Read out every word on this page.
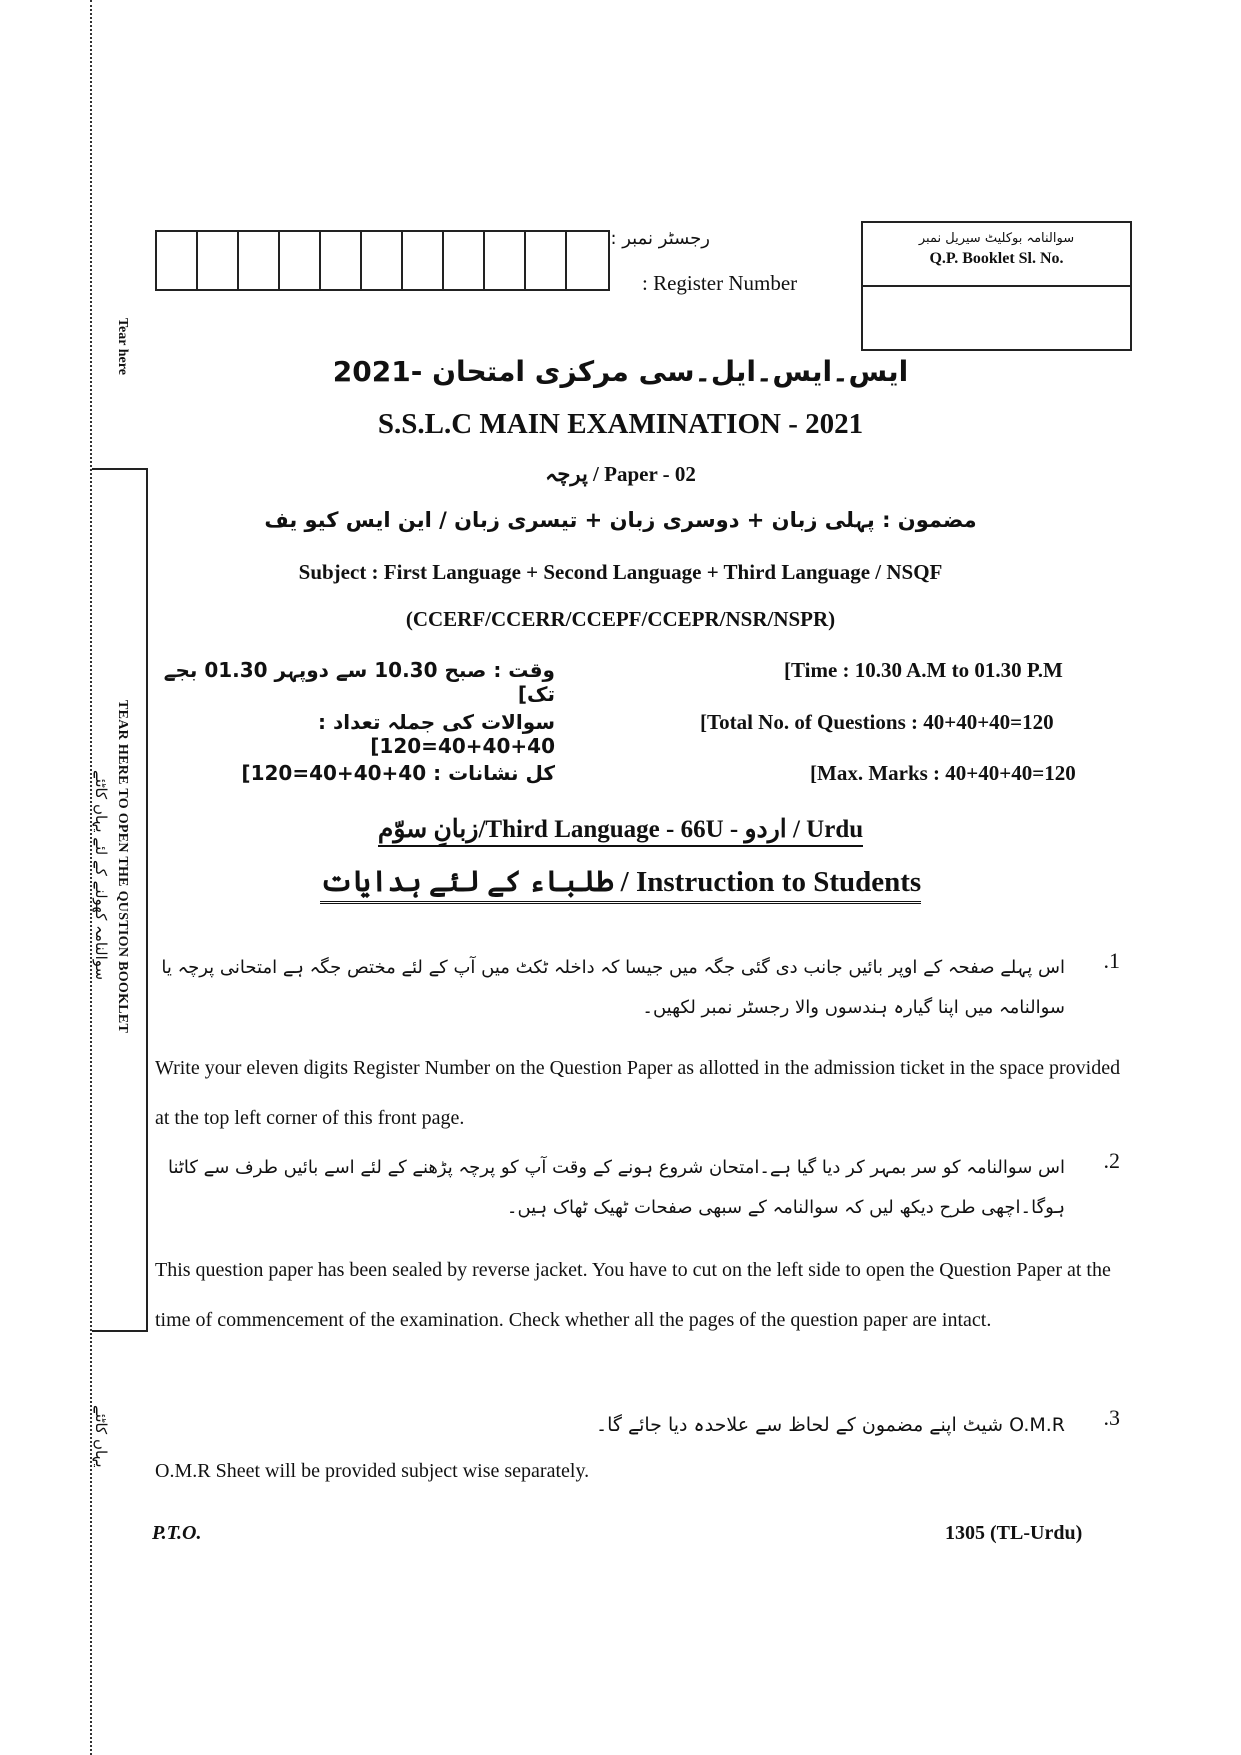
Tear here
TEAR HERE TO OPEN THE QUSTION BOOKLET
سوالنامہ کھولنے کے لئے یہاں کاٹئے
یہاں کاٹئے
رجسٹر نمبر :
: Register Number
سوالنامہ بوکلیٹ سیریل نمبر
Q.P. Booklet Sl. No.
ایس۔ایس۔ایل۔سی مرکزی امتحان -2021
S.S.L.C MAIN EXAMINATION - 2021
پرچہ / Paper - 02
مضمون : پہلی زبان + دوسری زبان + تیسری زبان / این ایس کیو یف
Subject : First Language + Second Language + Third Language / NSQF
(CCERF/CCERR/CCEPF/CCEPR/NSR/NSPR)
وقت : صبح 10.30 سے دوپہر 01.30 بجے تک]
[Time : 10.30 A.M to 01.30 P.M
سوالات کی جملہ تعداد : 40+40+40=120]
[Total No. of Questions : 40+40+40=120
کل نشانات : 40+40+40=120]	[Max. Marks : 40+40+40=120
زبانِ سوّم/Third Language - 66U - اردو / Urdu
طلباء کے لئے ہدایات / Instruction to Students
.1
اس پہلے صفحہ کے اوپر بائیں جانب دی گئی جگہ میں جیسا کہ داخلہ ٹکٹ میں آپ کے لئے مختص جگہ ہے امتحانی پرچہ یا سوالنامہ میں اپنا گیارہ ہندسوں والا رجسٹر نمبر لکھیں۔
Write your eleven digits Register Number on the Question Paper as allotted in the admission ticket in the space provided at the top left corner of this front page.
.2
اس سوالنامہ کو سر بمہر کر دیا گیا ہے۔امتحان شروع ہونے کے وقت آپ کو پرچہ پڑھنے کے لئے اسے بائیں طرف سے کاٹنا ہوگا۔اچھی طرح دیکھ لیں کہ سوالنامہ کے سبھی صفحات ٹھیک ٹھاک ہیں۔
This question paper has been sealed by reverse jacket. You have to cut on the left side to open the Question Paper at the time of commencement of the examination. Check whether all the pages of the question paper are intact.
.3
O.M.R شیٹ اپنے مضمون کے لحاظ سے علاحدہ دیا جائے گا۔
O.M.R Sheet will be provided subject wise separately.
P.T.O.	1305 (TL-Urdu)
